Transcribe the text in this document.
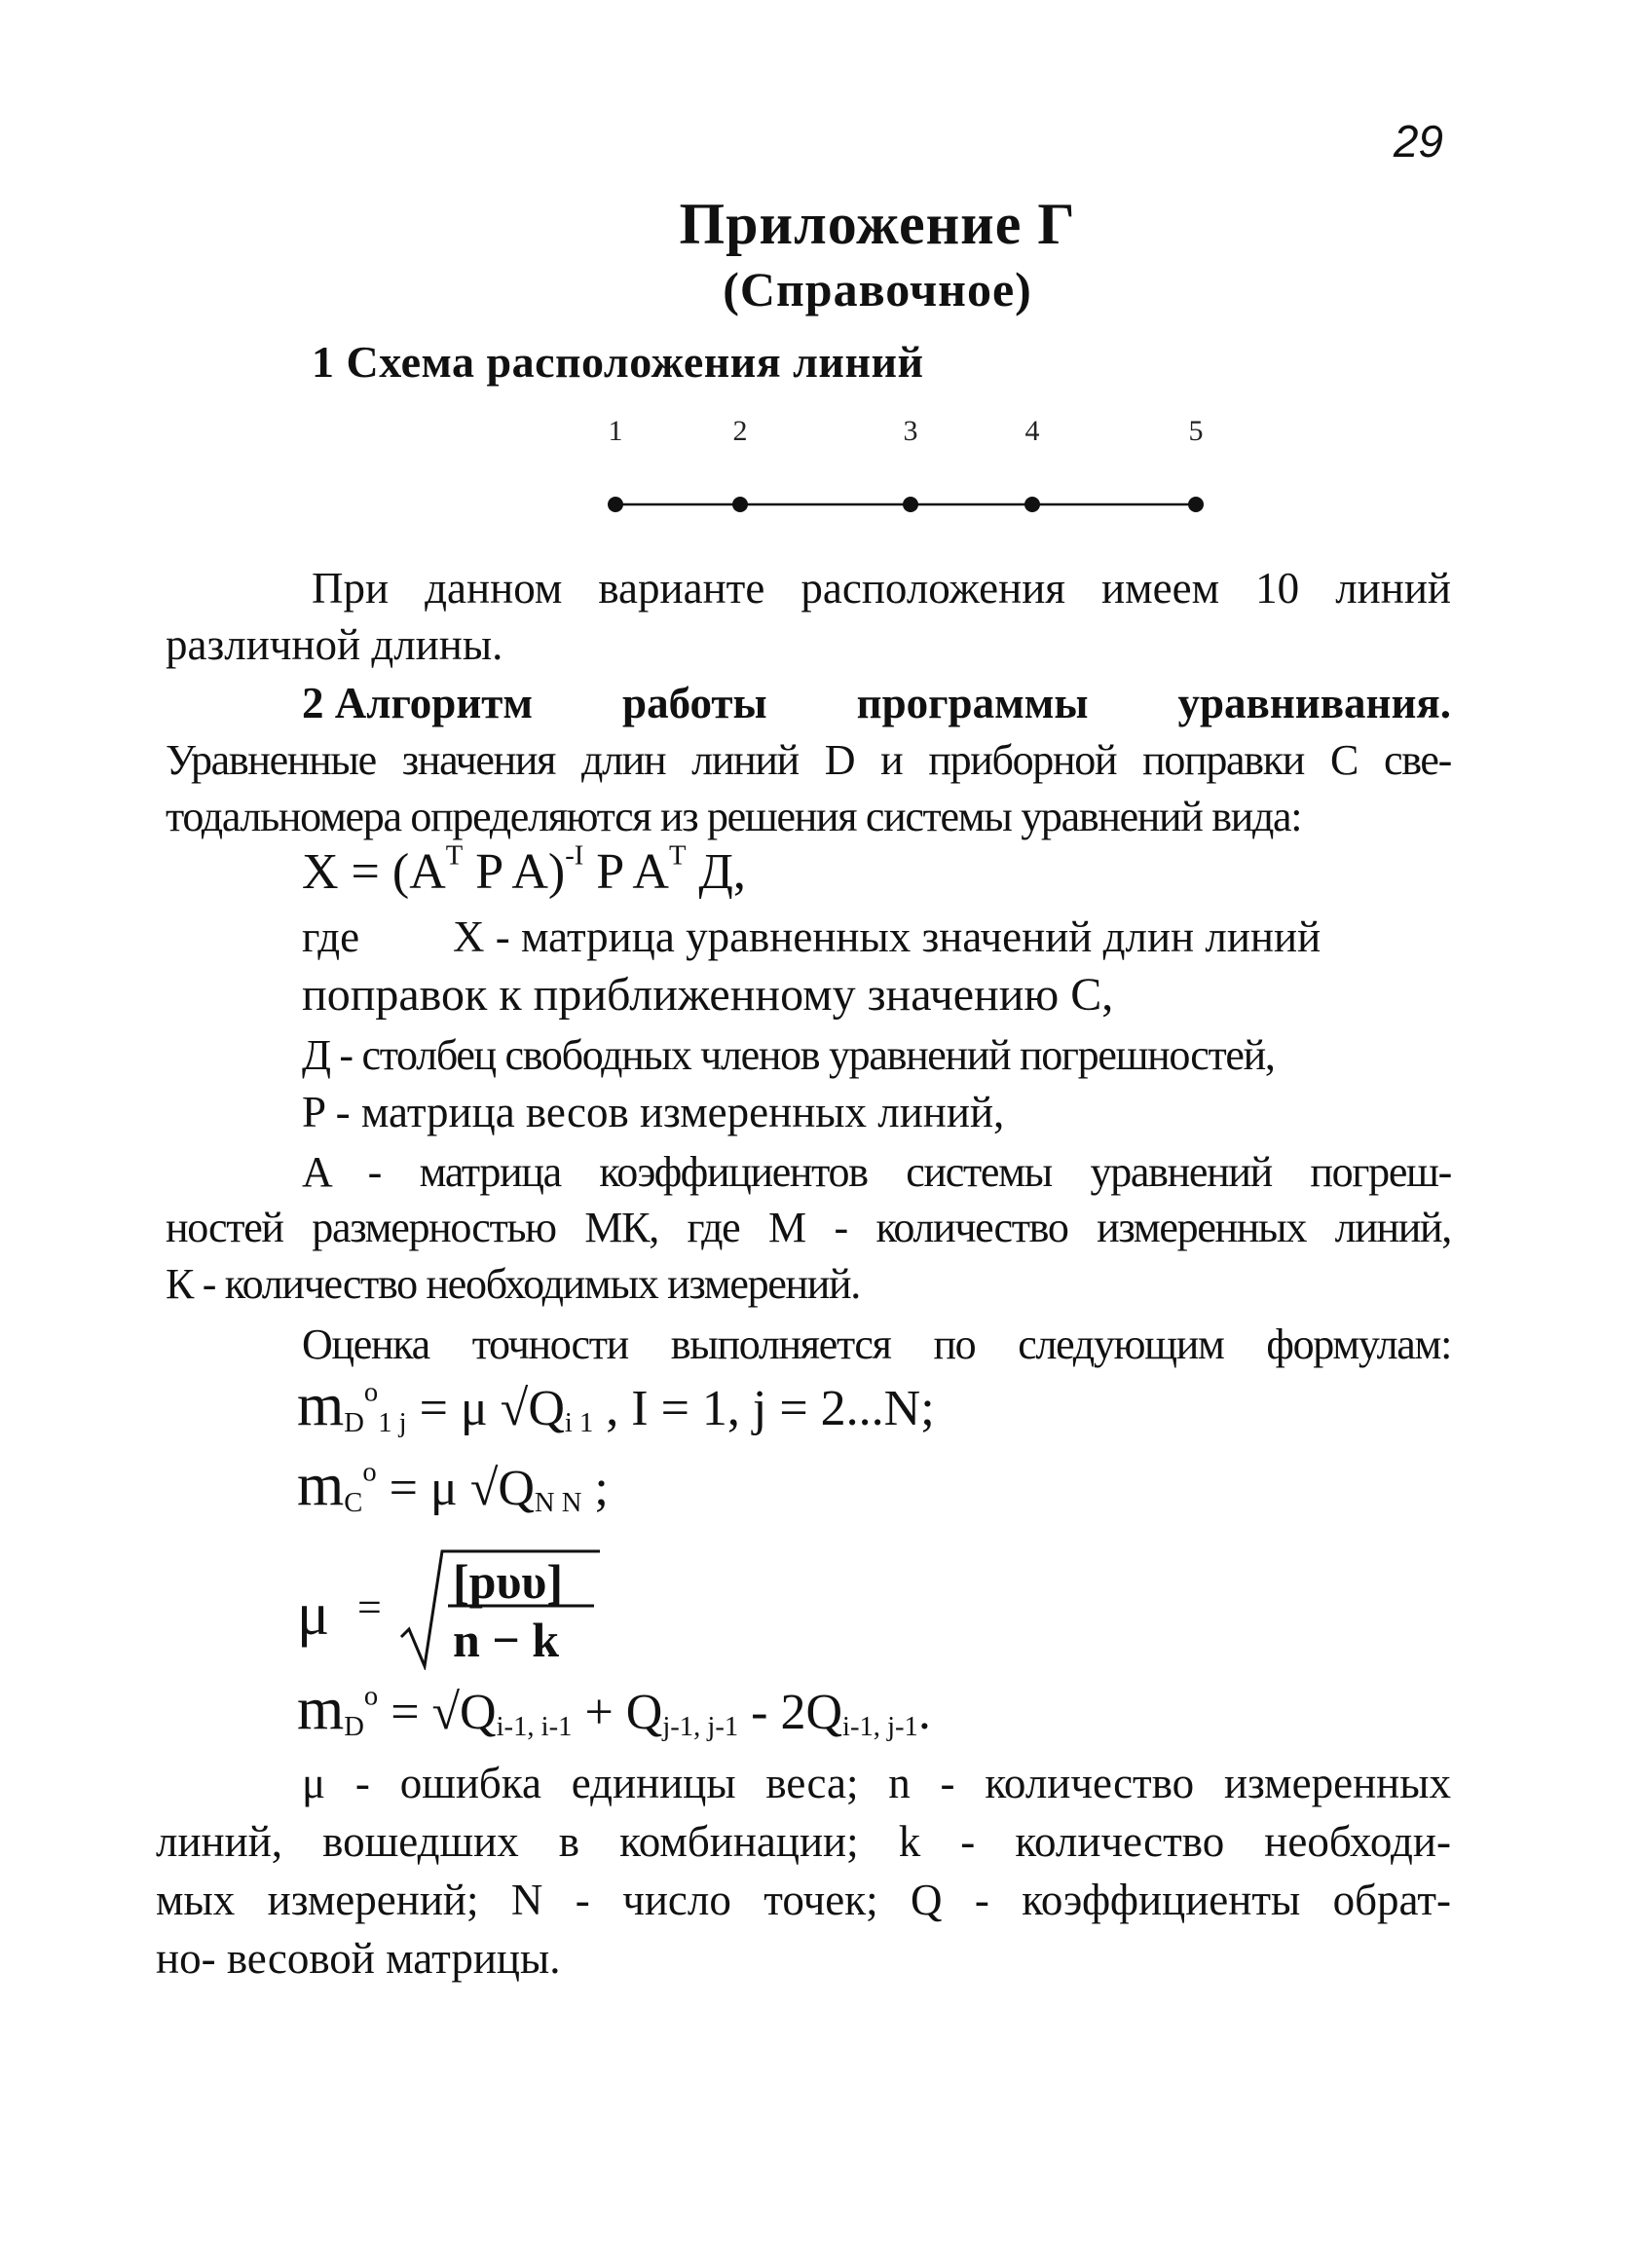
29
Приложение Г
(Справочное)
1 Схема расположения линий
1	2	3	4	5
При данном варианте расположения имеем 10 линий
различной длины.
2 Алгоритм работы программы уравнивания.
Уравненные значения длин линий D и приборной поправки С све-
тодальномера определяются из решения системы уравнений вида:
$X = (A^T$ P A)$^{-I}$ P $A^T$ Д,
где X - матрица уравненных значений длин линий
поправок к приближенному значению С,
Д - столбец свободных членов уравнений погрешностей,
P - матрица весов измеренных линий,
A - матрица коэффициентов системы уравнений погреш-
ностей размерностью МК, где М - количество измеренных линий,
К - количество необходимых измерений.
Оценка точности выполняется по следующим формулам:
$m_D^o_{1 j} = \mu$ $√Q_{i 1}$ , I = 1, j = 2...N;
$m_C^o = \mu$ $√Q_{N N}$ ;
μ = [pυυ]
n − k
$m_D^o = √Q_{i-1, i-1} + Q_{j-1, j-1} - 2Q_{i-1, j-1}$.
μ - ошибка единицы веса; n - количество измеренных
линий, вошедших в комбинации; k - количество необходи-
мых измерений; N - число точек; Q - коэффициенты обрат-
но- весовой матрицы.
